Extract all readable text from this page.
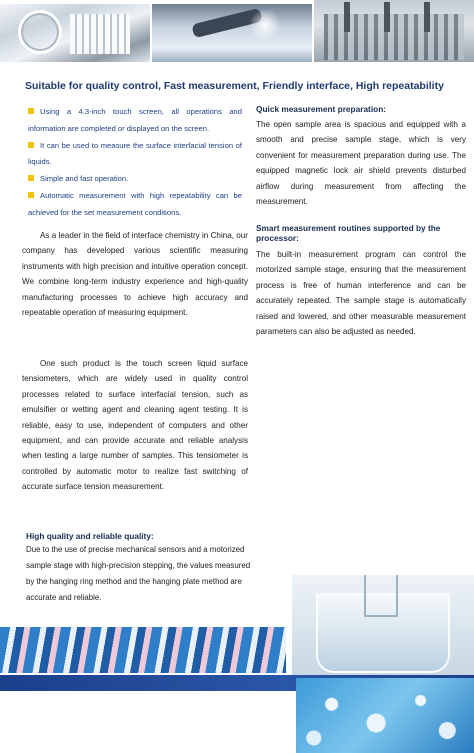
Suitable for quality control, Fast measurement, Friendly interface, High repeatability
Using a 4.3-inch touch screen, all operations and information are completed or displayed on the screen.
It can be used to measure the surface interfacial tension of liquids.
Simple and fast operation.
Automatic measurement with high repeatability can be achieved for the set measurement conditions.
Quick measurement preparation:

The open sample area is spacious and equipped with a smooth and precise sample stage, which is very convenient for measurement preparation during use. The equipped magnetic lock air shield prevents disturbed airflow during measurement from affecting the measurement.

Smart measurement routines supported by the processor:

The built-in measurement program can control the motorized sample stage, ensuring that the measurement process is free of human interference and can be accurately repeated. The sample stage is automatically raised and lowered, and other measurable measurement parameters can also be adjusted as needed.

As a leader in the field of interface chemistry in China, our company has developed various scientific measuring instruments with high precision and intuitive operation concept. We combine long-term industry experience and high-quality manufacturing processes to achieve high accuracy and repeatable operation of measuring equipment.

One such product is the touch screen liquid surface tensiometers, which are widely used in quality control processes related to surface interfacial tension, such as emulsifier or wetting agent and cleaning agent testing. It is reliable, easy to use, independent of computers and other equipment, and can provide accurate and reliable analysis when testing a large number of samples. This tensiometer is controlled by automatic motor to realize fast switching of accurate surface tension measurement.

High quality and reliable quality:

Due to the use of precise mechanical sensors and a motorized sample stage with high-precision stepping, the values measured by the hanging ring method and the hanging plate method are accurate and reliable.
